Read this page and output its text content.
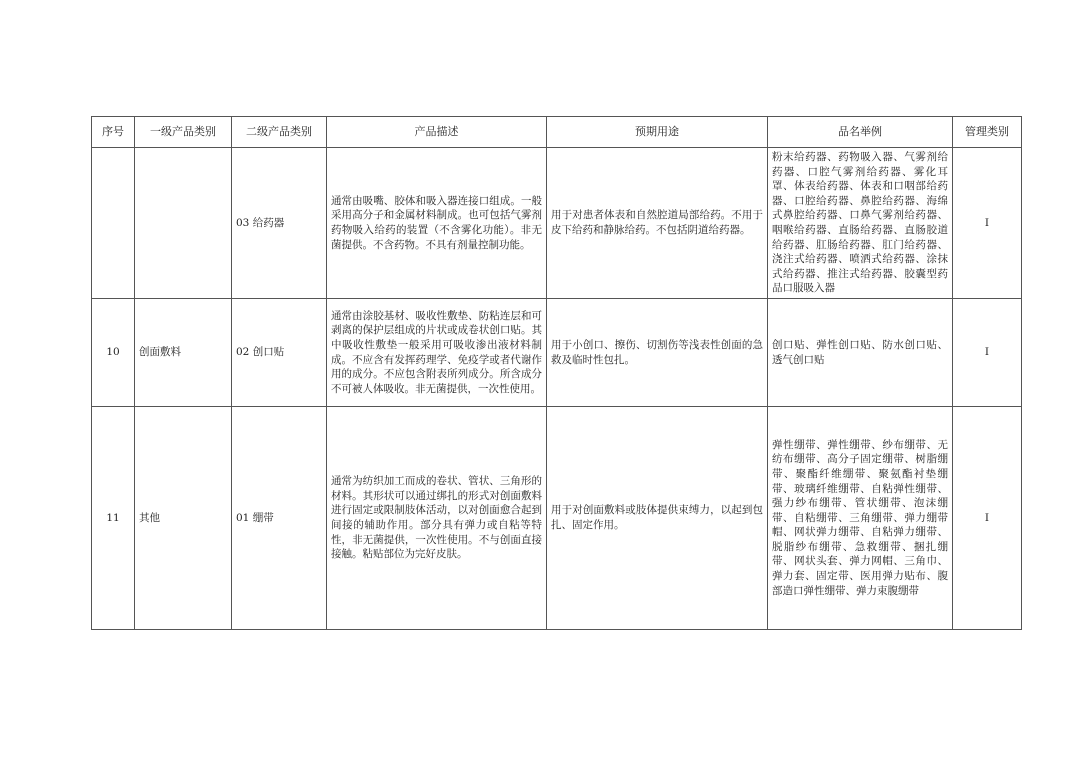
序号	一级产品类别	二级产品类别	产品描述	预期用途	品名举例	管理类别
		03 给药器	通常由吸嘴、胶体和吸入器连接口组成。一般采用高分子和金属材料制成。也可包括气雾剂药物吸入给药的装置（不含雾化功能）。非无菌提供。不含药物。不具有剂量控制功能。	用于对患者体表和自然腔道局部给药。不用于皮下给药和静脉给药。不包括阴道给药器。	粉末给药器、药物吸入器、气雾剂给药器、口腔气雾剂给药器、雾化耳罩、体表给药器、体表和口咽部给药器、口腔给药器、鼻腔给药器、海绵式鼻腔给药器、口鼻气雾剂给药器、咽喉给药器、直肠给药器、直肠胶道给药器、肛肠给药器、肛门给药器、浇注式给药器、喷洒式给药器、涂抹式给药器、推注式给药器、胶囊型药品口服吸入器	I
10	创面敷料	02 创口贴	通常由涂胶基材、吸收性敷垫、防粘连层和可剥离的保护层组成的片状或成卷状创口贴。其中吸收性敷垫一般采用可吸收渗出液材料制成。不应含有发挥药理学、免疫学或者代谢作用的成分。不应包含附表所列成分。所含成分不可被人体吸收。非无菌提供，一次性使用。	用于小创口、擦伤、切割伤等浅表性创面的急救及临时性包扎。	创口贴、弹性创口贴、防水创口贴、透气创口贴	I
11	其他	01 绷带	通常为纺织加工而成的卷状、管状、三角形的材料。其形状可以通过绑扎的形式对创面敷料进行固定或限制肢体活动，以对创面愈合起到间接的辅助作用。部分具有弹力或自粘等特性，非无菌提供，一次性使用。不与创面直接接触。粘贴部位为完好皮肤。	用于对创面敷料或肢体提供束缚力，以起到包扎、固定作用。	弹性绷带、弹性绷带、纱布绷带、无纺布绷带、高分子固定绷带、树脂绷带、聚酯纤维绷带、聚氨酯衬垫绷带、玻璃纤维绷带、自粘弹性绷带、强力纱布绷带、管状绷带、泡沫绷带、自粘绷带、三角绷带、弹力绷带帽、网状弹力绷带、自粘弹力绷带、脱脂纱布绷带、急救绷带、捆扎绷带、网状头套、弹力网帽、三角巾、弹力套、固定带、医用弹力贴布、腹部造口弹性绷带、弹力束腹绷带	I
